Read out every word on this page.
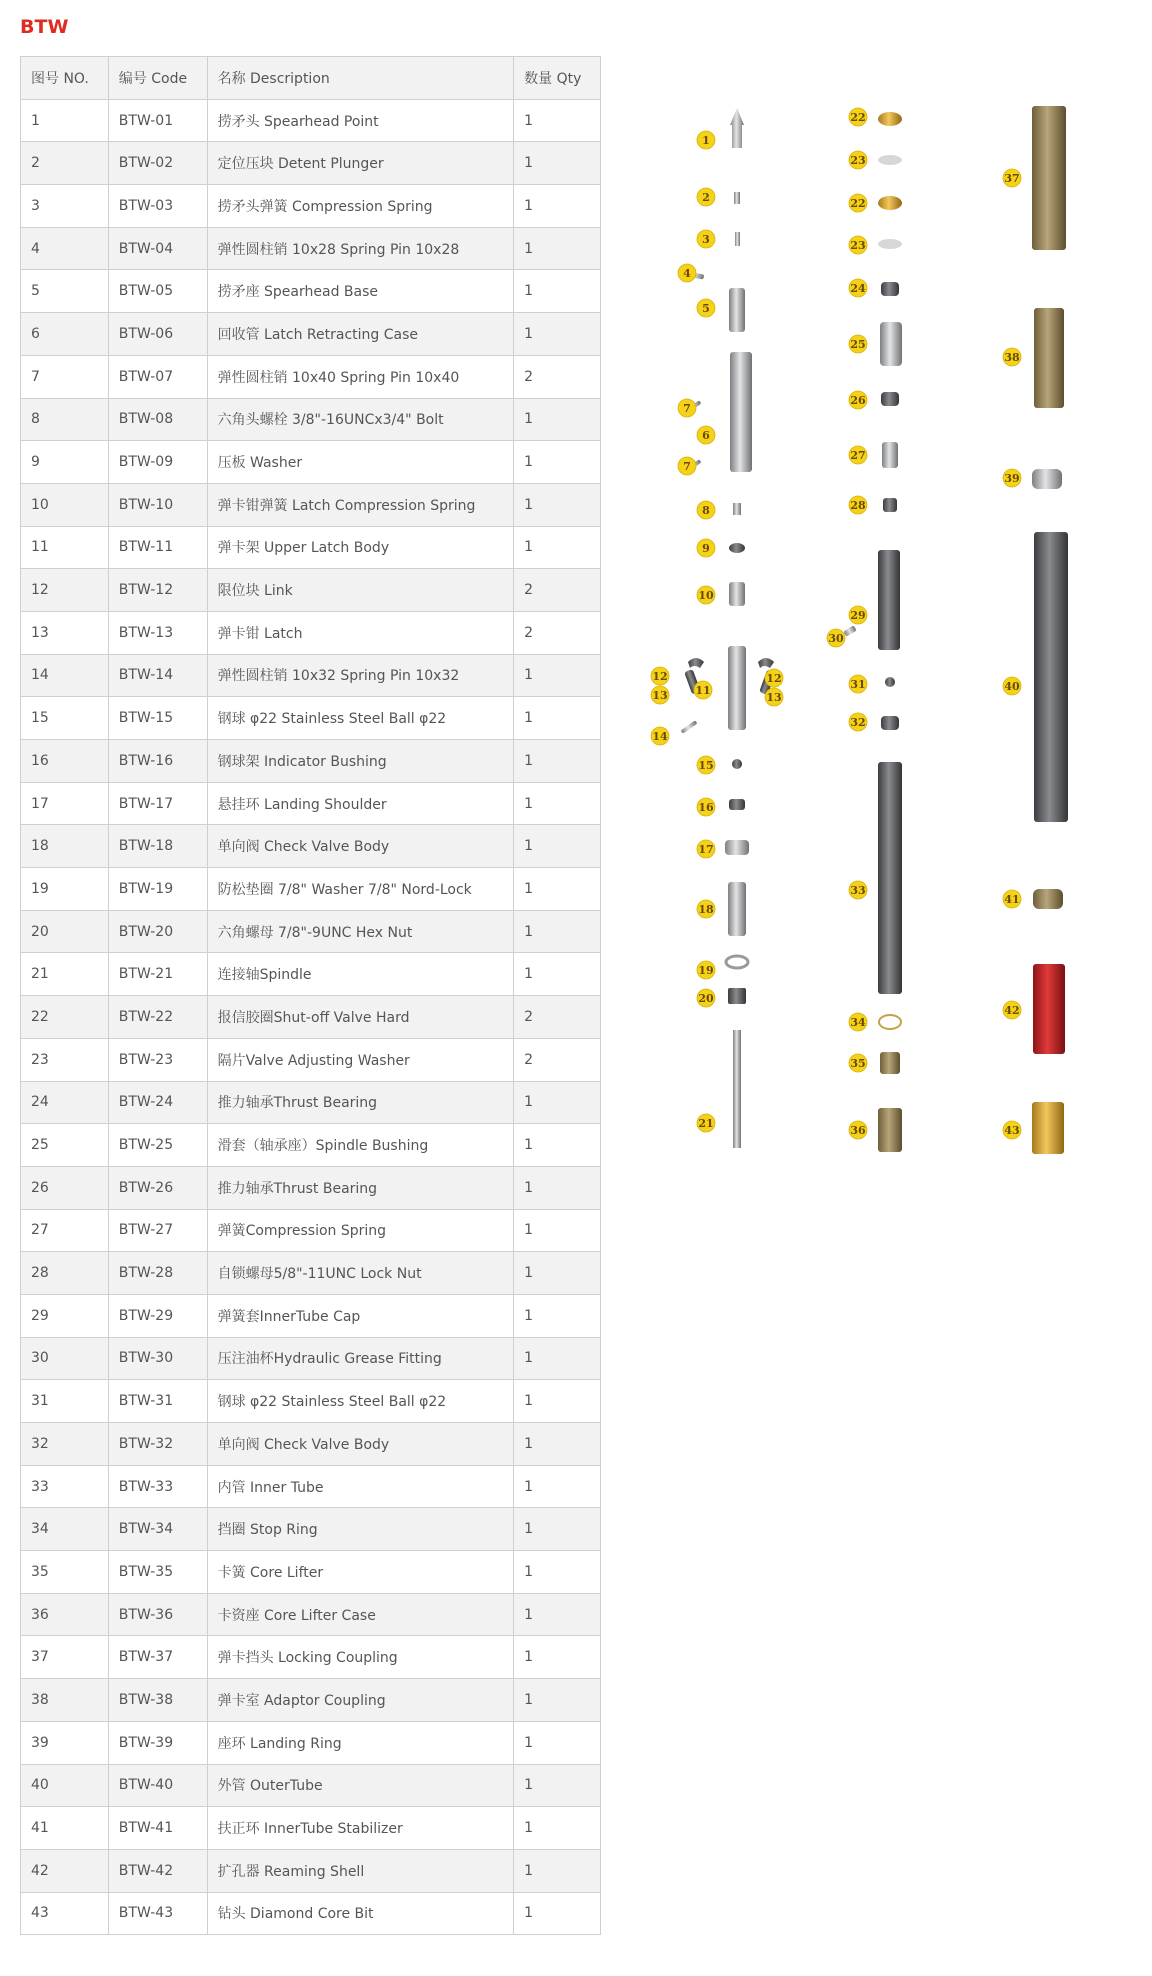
BTW
图号 NO.	编号 Code	名称 Description	数量 Qty
1	BTW-01	捞矛头 Spearhead Point	1
2	BTW-02	定位压块 Detent Plunger	1
3	BTW-03	捞矛头弹簧 Compression Spring	1
4	BTW-04	弹性圆柱销 10x28 Spring Pin 10x28	1
5	BTW-05	捞矛座 Spearhead Base	1
6	BTW-06	回收管 Latch Retracting Case	1
7	BTW-07	弹性圆柱销 10x40 Spring Pin 10x40	2
8	BTW-08	六角头螺栓 3/8"-16UNCx3/4" Bolt	1
9	BTW-09	压板 Washer	1
10	BTW-10	弹卡钳弹簧 Latch Compression Spring	1
11	BTW-11	弹卡架 Upper Latch Body	1
12	BTW-12	限位块 Link	2
13	BTW-13	弹卡钳 Latch	2
14	BTW-14	弹性圆柱销 10x32 Spring Pin 10x32	1
15	BTW-15	钢球 φ22 Stainless Steel Ball φ22	1
16	BTW-16	钢球架 Indicator Bushing	1
17	BTW-17	悬挂环 Landing Shoulder	1
18	BTW-18	单向阀 Check Valve Body	1
19	BTW-19	防松垫圈 7/8" Washer 7/8" Nord-Lock	1
20	BTW-20	六角螺母 7/8"-9UNC Hex Nut	1
21	BTW-21	连接轴Spindle	1
22	BTW-22	报信胶圈Shut-off Valve Hard	2
23	BTW-23	隔片Valve Adjusting Washer	2
24	BTW-24	推力轴承Thrust Bearing	1
25	BTW-25	滑套（轴承座）Spindle Bushing	1
26	BTW-26	推力轴承Thrust Bearing	1
27	BTW-27	弹簧Compression Spring	1
28	BTW-28	自锁螺母5/8"-11UNC Lock Nut	1
29	BTW-29	弹簧套InnerTube Cap	1
30	BTW-30	压注油杯Hydraulic Grease Fitting	1
31	BTW-31	钢球 φ22 Stainless Steel Ball φ22	1
32	BTW-32	单向阀 Check Valve Body	1
33	BTW-33	内管 Inner Tube	1
34	BTW-34	挡圈 Stop Ring	1
35	BTW-35	卡簧 Core Lifter	1
36	BTW-36	卡资座 Core Lifter Case	1
37	BTW-37	弹卡挡头 Locking Coupling	1
38	BTW-38	弹卡室 Adaptor Coupling	1
39	BTW-39	座环 Landing Ring	1
40	BTW-40	外管 OuterTube	1
41	BTW-41	扶正环 InnerTube Stabilizer	1
42	BTW-42	扩孔器 Reaming Shell	1
43	BTW-43	钻头 Diamond Core Bit	1
1
2
3
4
5
6
7
7
8
9
10
11
12	12
13	13
14
15
16
17
18
19
20
21
22
23
22
23
24
25
26
27
28
29
30
31
32
33
34
35
36
37
38
39
40
41
42
43
